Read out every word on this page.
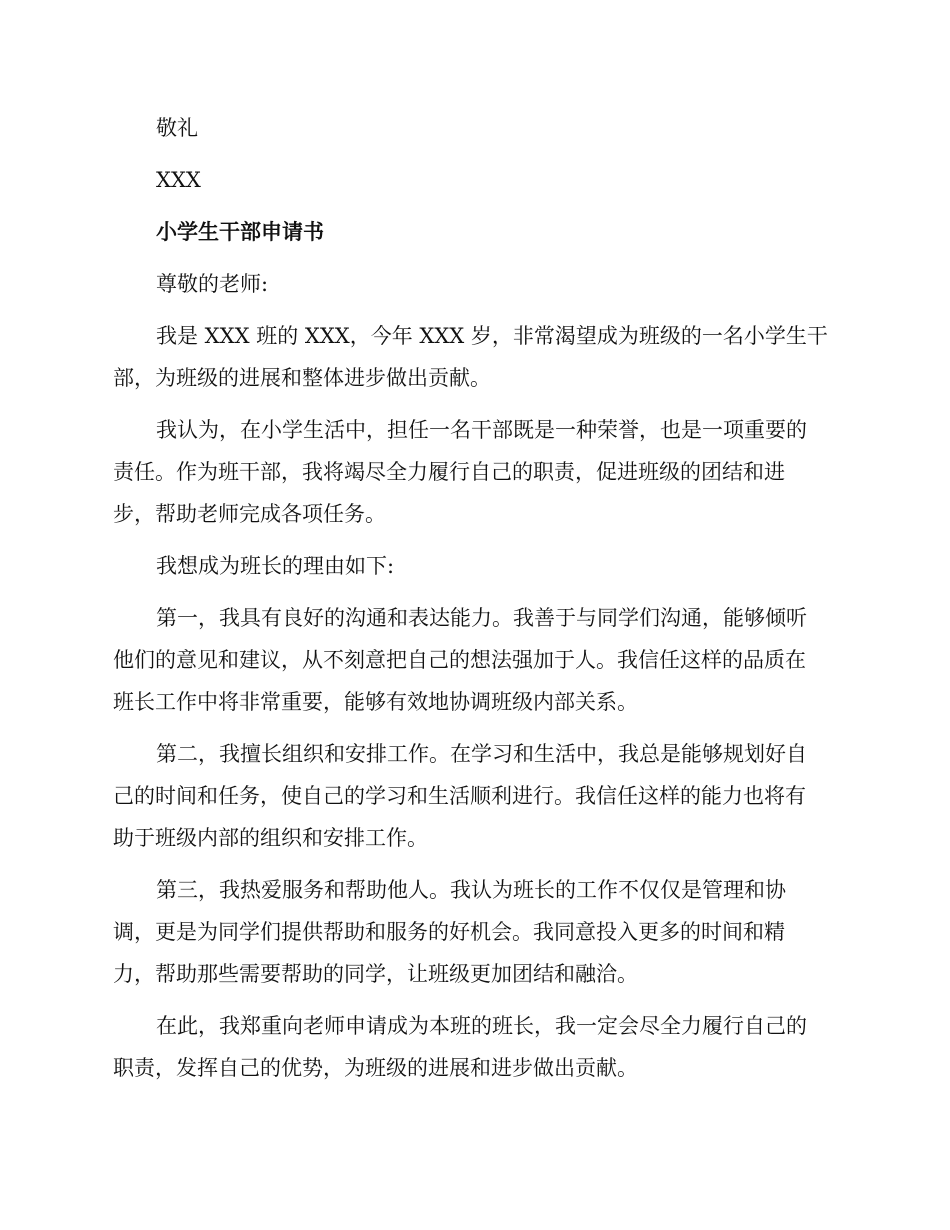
敬礼
XXX
小学生干部申请书
尊敬的老师:
我是 XXX 班的 XXX，今年 XXX 岁，非常渴望成为班级的一名小学生干
部，为班级的进展和整体进步做出贡献。
我认为，在小学生活中，担任一名干部既是一种荣誉，也是一项重要的
责任。作为班干部，我将竭尽全力履行自己的职责，促进班级的团结和进
步，帮助老师完成各项任务。
我想成为班长的理由如下:
第一，我具有良好的沟通和表达能力。我善于与同学们沟通，能够倾听
他们的意见和建议，从不刻意把自己的想法强加于人。我信任这样的品质在
班长工作中将非常重要，能够有效地协调班级内部关系。
第二，我擅长组织和安排工作。在学习和生活中，我总是能够规划好自
己的时间和任务，使自己的学习和生活顺利进行。我信任这样的能力也将有
助于班级内部的组织和安排工作。
第三，我热爱服务和帮助他人。我认为班长的工作不仅仅是管理和协
调，更是为同学们提供帮助和服务的好机会。我同意投入更多的时间和精
力，帮助那些需要帮助的同学，让班级更加团结和融洽。
在此，我郑重向老师申请成为本班的班长，我一定会尽全力履行自己的
职责，发挥自己的优势，为班级的进展和进步做出贡献。
